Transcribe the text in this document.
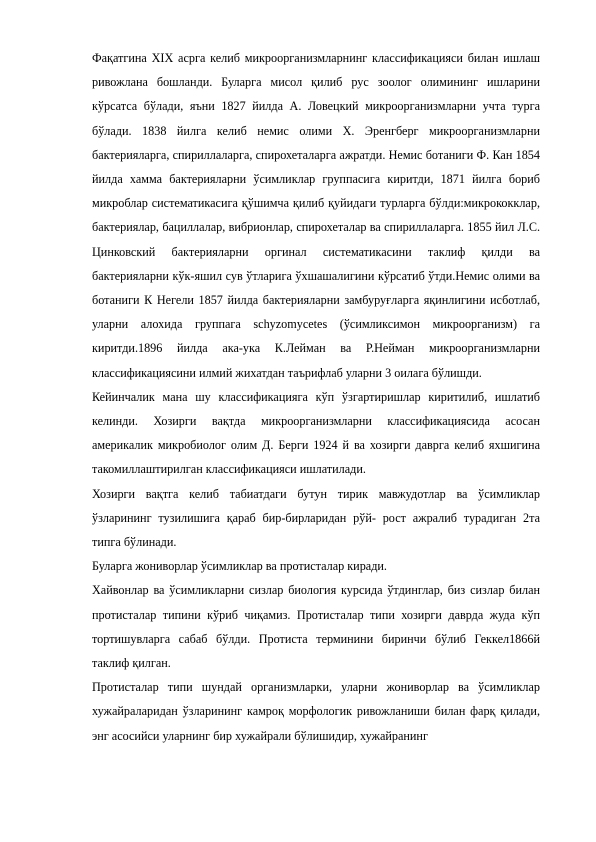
Фақатгина XIX асрга келиб микроорганизмларнинг классификацияси билан ишлаш ривожлана бошланди. Буларга мисол қилиб рус зоолог олимининг ишларини кўрсатса бўлади, яъни 1827 йилда А. Ловецкий микроорганизмларни учта турга бўлади. 1838 йилга келиб немис олими Х. Эренгберг микроорганизмларни бактерияларга, спириллаларга, спирохеталарга ажратди. Немис ботаниги Ф. Кан 1854 йилда хамма бактерияларни ўсимликлар группасига киритди, 1871 йилга бориб микроблар систематикасига қўшимча қилиб қуйидаги турларга бўлди:микрококклар, бактериялар, бациллалар, вибрионлар, спирохеталар ва спириллаларга. 1855 йил Л.С. Цинковский бактерияларни оргинал систематикасини таклиф қилди ва бактерияларни кўк-яшил сув ўтларига ўхшашалигини кўрсатиб ўтди.Немис олими ва ботаниги К Негели 1857 йилда бактерияларни замбуруғларга яқинлигини исботлаб, уларни алохида группага schyzomycetes (ўсимликсимон микроорганизм) га киритди.1896 йилда ака-ука К.Лейман ва Р.Нейман микроорганизмларни классификациясини илмий жихатдан таърифлаб уларни 3 оилага бўлишди.

Кейинчалик мана шу классификацияга кўп ўзгартиришлар киритилиб, ишлатиб келинди. Хозирги вақтда микроорганизмларни классификациясида асосан америкалик микробиолог олим Д. Берги 1924 й ва хозирги даврга келиб яхшигина такомиллаштирилган классификацияси ишлатилади.

Хозирги вақтга келиб табиатдаги бутун тирик мавжудотлар ва ўсимликлар ўзларининг тузилишига қараб бир-бирларидан рўй- рост ажралиб турадиган 2та типга бўлинади.

Буларга жониворлар ўсимликлар ва протисталар киради.

Хайвонлар ва ўсимликларни сизлар биология курсида ўтдинглар, биз сизлар билан протисталар типини кўриб чиқамиз. Протисталар типи хозирги даврда жуда кўп тортишувларга сабаб бўлди. Протиста терминини биринчи бўлиб Геккел1866й таклиф қилган.

Протисталар типи шундай организмларки, уларни жониворлар ва ўсимликлар хужайраларидан ўзларининг камроқ морфологик ривожланиши билан фарқ қилади, энг асосийси уларнинг бир хужайрали бўлишидир, хужайранинг
